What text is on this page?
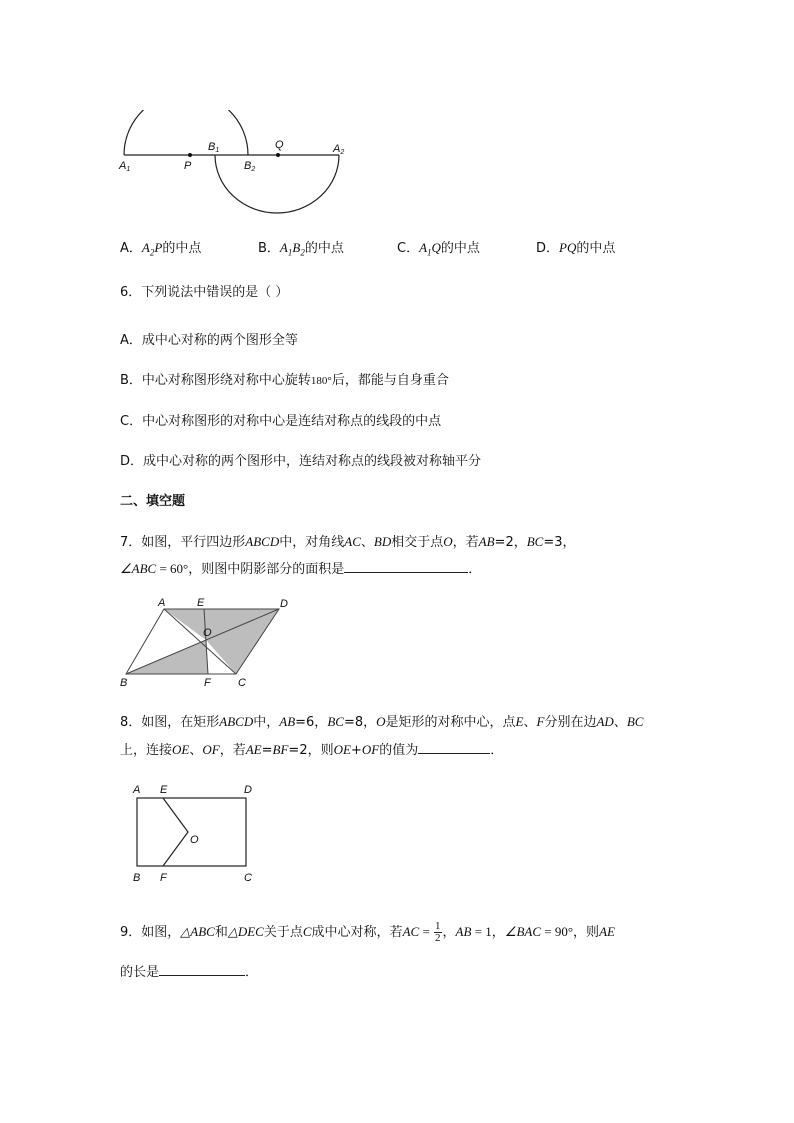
A1	P
B1
B2
Q	A2
A．$A_2P$的中点	B．$A_1B_2$的中点	C．$A_1Q$的中点	D．PQ的中点
6．下列说法中错误的是（ ）
A．成中心对称的两个图形全等
B．中心对称图形绕对称中心旋转180°后，都能与自身重合
C．中心对称图形的对称中心是连结对称点的线段的中点
D．成中心对称的两个图形中，连结对称点的线段被对称轴平分
二、填空题
7．如图，平行四边形ABCD中，对角线AC、BD相交于点O，若AB=2，BC=3，
∠ABC = 60°，则图中阴影部分的面积是	．
A	E	D
O
B	F C
8．如图，在矩形ABCD中，AB=6，BC=8，O是矩形的对称中心，点E、F分别在边AD、BC
上，连接OE、OF，若AE=BF=2，则OE+OF的值为	．
A E	D
O
B F	C
9．如图，△ABC和△DEC关于点C成中心对称，若AC = $\frac{1}{2}$ ，AB = 1，∠BAC = 90°，则AE
的长是	．
